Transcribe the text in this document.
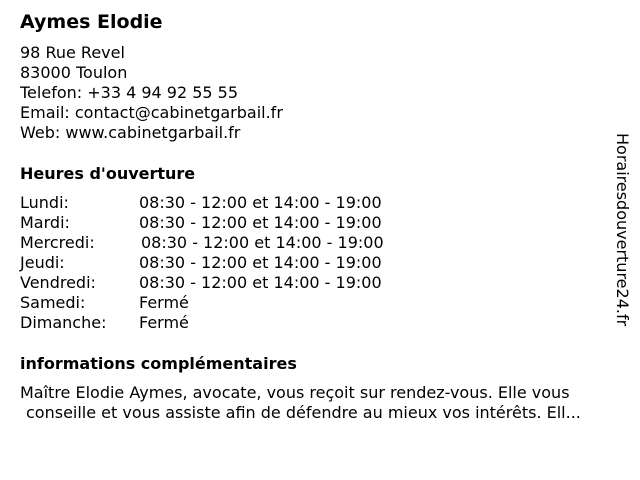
Aymes Elodie
98 Rue Revel
83000 Toulon
Telefon: +33 4 94 92 55 55
Email: contact@cabinetgarbail.fr
Web: www.cabinetgarbail.fr
Heures d'ouverture
Lundi:	08:30 - 12:00 et 14:00 - 19:00
Mardi:	08:30 - 12:00 et 14:00 - 19:00
Mercredi:	08:30 - 12:00 et 14:00 - 19:00
Jeudi:	08:30 - 12:00 et 14:00 - 19:00
Vendredi:	08:30 - 12:00 et 14:00 - 19:00
Samedi:	Fermé
Dimanche: Fermé
informations complémentaires
Maître Elodie Aymes, avocate, vous reçoit sur rendez-vous. Elle vous
conseille et vous assiste afin de défendre au mieux vos intérêts. Ell...
Horairesdouverture24.fr
